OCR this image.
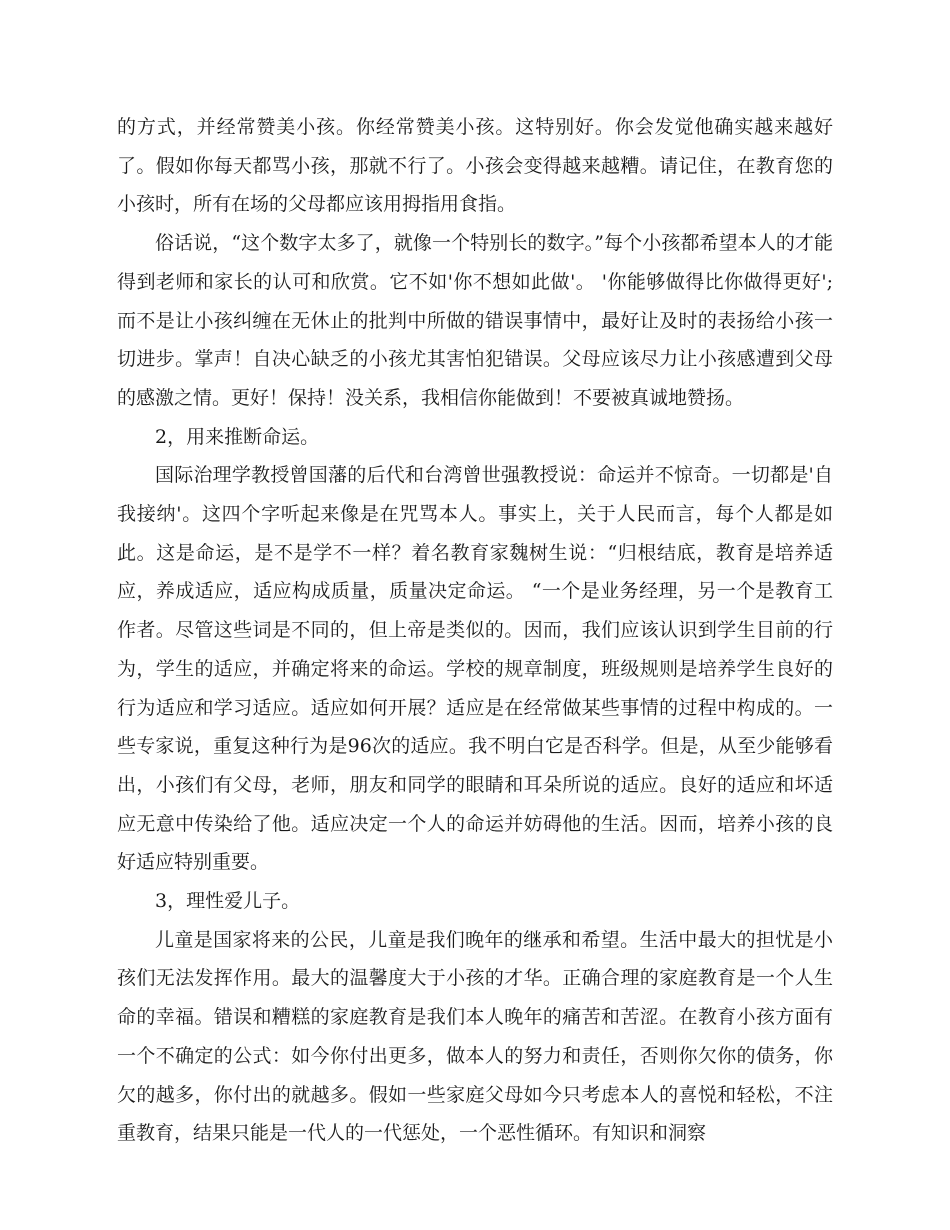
的方式，并经常赞美小孩。你经常赞美小孩。这特别好。你会发觉他确实越来越好了。假如你每天都骂小孩，那就不行了。小孩会变得越来越糟。请记住，在教育您的小孩时，所有在场的父母都应该用拇指用食指。

俗话说，“这个数字太多了，就像一个特别长的数字。”每个小孩都希望本人的才能得到老师和家长的认可和欣赏。它不如'你不想如此做'。 '你能够做得比你做得更好';而不是让小孩纠缠在无休止的批判中所做的错误事情中，最好让及时的表扬给小孩一切进步。掌声！自决心缺乏的小孩尤其害怕犯错误。父母应该尽力让小孩感遭到父母的感激之情。更好！保持！没关系，我相信你能做到！不要被真诚地赞扬。

2，用来推断命运。

国际治理学教授曾国藩的后代和台湾曾世强教授说：命运并不惊奇。一切都是'自我接纳'。这四个字听起来像是在咒骂本人。事实上，关于人民而言，每个人都是如此。这是命运，是不是学不一样？着名教育家魏树生说：“归根结底，教育是培养适应，养成适应，适应构成质量，质量决定命运。 “一个是业务经理，另一个是教育工作者。尽管这些词是不同的，但上帝是类似的。因而，我们应该认识到学生目前的行为，学生的适应，并确定将来的命运。学校的规章制度，班级规则是培养学生良好的行为适应和学习适应。适应如何开展？适应是在经常做某些事情的过程中构成的。一些专家说，重复这种行为是96次的适应。我不明白它是否科学。但是，从至少能够看出，小孩们有父母，老师，朋友和同学的眼睛和耳朵所说的适应。良好的适应和坏适应无意中传染给了他。适应决定一个人的命运并妨碍他的生活。因而，培养小孩的良好适应特别重要。

3，理性爱儿子。

儿童是国家将来的公民，儿童是我们晚年的继承和希望。生活中最大的担忧是小孩们无法发挥作用。最大的温馨度大于小孩的才华。正确合理的家庭教育是一个人生命的幸福。错误和糟糕的家庭教育是我们本人晚年的痛苦和苦涩。在教育小孩方面有一个不确定的公式：如今你付出更多，做本人的努力和责任，否则你欠你的债务，你欠的越多，你付出的就越多。假如一些家庭父母如今只考虑本人的喜悦和轻松，不注重教育，结果只能是一代人的一代惩处，一个恶性循环。有知识和洞察
